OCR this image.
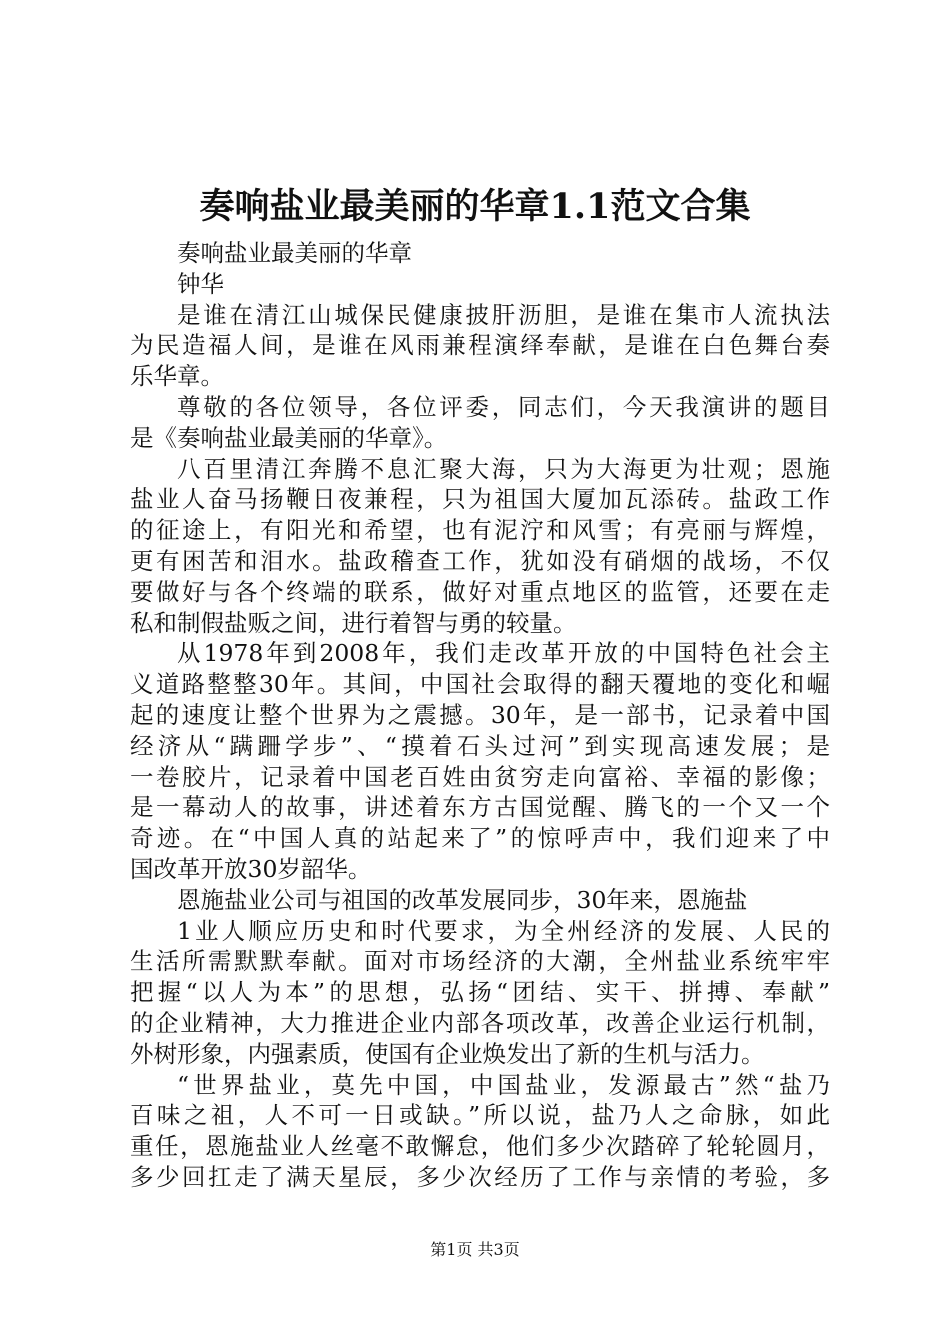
奏响盐业最美丽的华章1.1范文合集
奏响盐业最美丽的华章
钟华
是谁在清江山城保民健康披肝沥胆，是谁在集市人流执法
为民造福人间，是谁在风雨兼程演绎奉献，是谁在白色舞台奏
乐华章。
尊敬的各位领导，各位评委，同志们，今天我演讲的题目
是《奏响盐业最美丽的华章》。
八百里清江奔腾不息汇聚大海，只为大海更为壮观；恩施
盐业人奋马扬鞭日夜兼程，只为祖国大厦加瓦添砖。盐政工作
的征途上，有阳光和希望，也有泥泞和风雪；有亮丽与辉煌，
更有困苦和泪水。盐政稽查工作，犹如没有硝烟的战场，不仅
要做好与各个终端的联系，做好对重点地区的监管，还要在走
私和制假盐贩之间，进行着智与勇的较量。
从1978年到2008年，我们走改革开放的中国特色社会主
义道路整整30年。其间，中国社会取得的翻天覆地的变化和崛
起的速度让整个世界为之震撼。30年，是一部书，记录着中国
经济从“蹒跚学步”、“摸着石头过河”到实现高速发展；是
一卷胶片，记录着中国老百姓由贫穷走向富裕、幸福的影像；
是一幕动人的故事，讲述着东方古国觉醒、腾飞的一个又一个
奇迹。在“中国人真的站起来了”的惊呼声中，我们迎来了中
国改革开放30岁韶华。
恩施盐业公司与祖国的改革发展同步，30年来，恩施盐
1业人顺应历史和时代要求，为全州经济的发展、人民的
生活所需默默奉献。面对市场经济的大潮，全州盐业系统牢牢
把握“以人为本”的思想，弘扬“团结、实干、拼搏、奉献”
的企业精神，大力推进企业内部各项改革，改善企业运行机制，
外树形象，内强素质，使国有企业焕发出了新的生机与活力。
“世界盐业，莫先中国，中国盐业，发源最古”然“盐乃
百味之祖，人不可一日或缺。”所以说，盐乃人之命脉，如此
重任，恩施盐业人丝毫不敢懈怠，他们多少次踏碎了轮轮圆月，
多少回扛走了满天星辰，多少次经历了工作与亲情的考验，多
第1页 共3页
